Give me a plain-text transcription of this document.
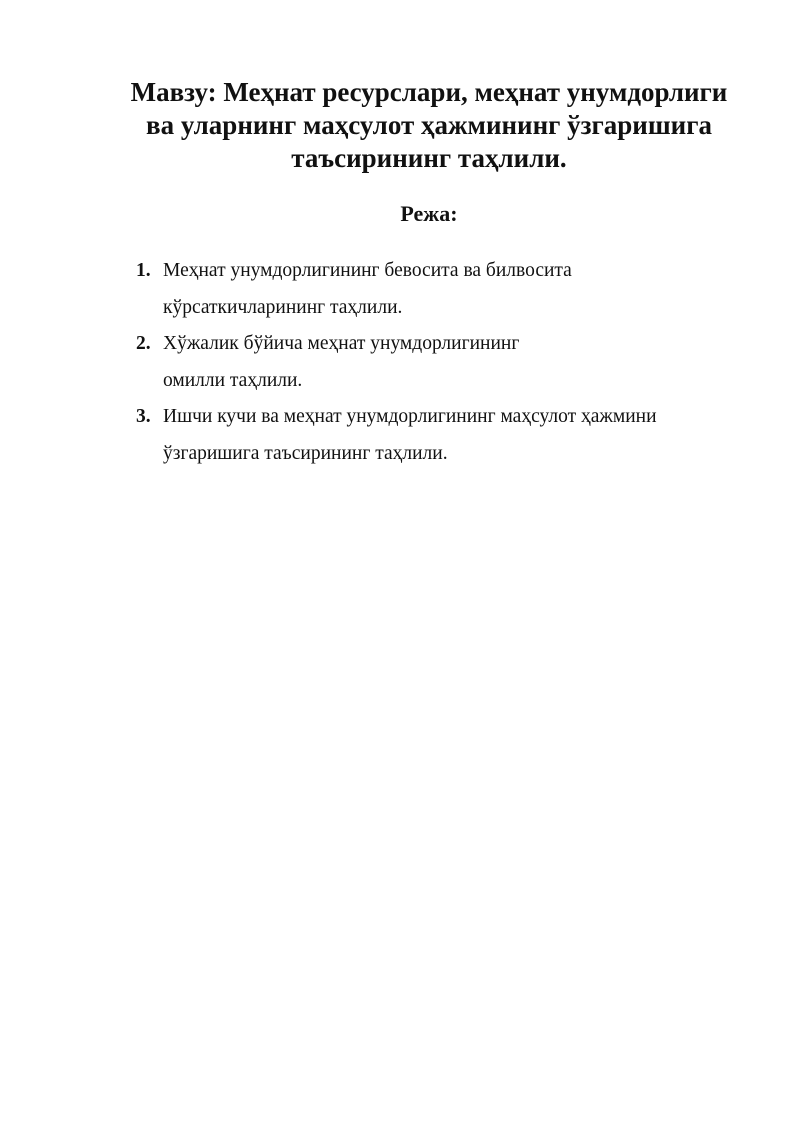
Мавзу: Меҳнат ресурслари, меҳнат унумдорлиги
ва уларнинг маҳсулот ҳажмининг ўзгаришига
таъсирининг таҳлили.
Режа:
1. Меҳнат унумдорлигининг бевосита ва билвосита
кўрсаткичларининг таҳлили.
2. Хўжалик бўйича меҳнат унумдорлигининг
омилли таҳлили.
3. Ишчи кучи ва меҳнат унумдорлигининг маҳсулот ҳажмини
ўзгаришига таъсирининг таҳлили.
